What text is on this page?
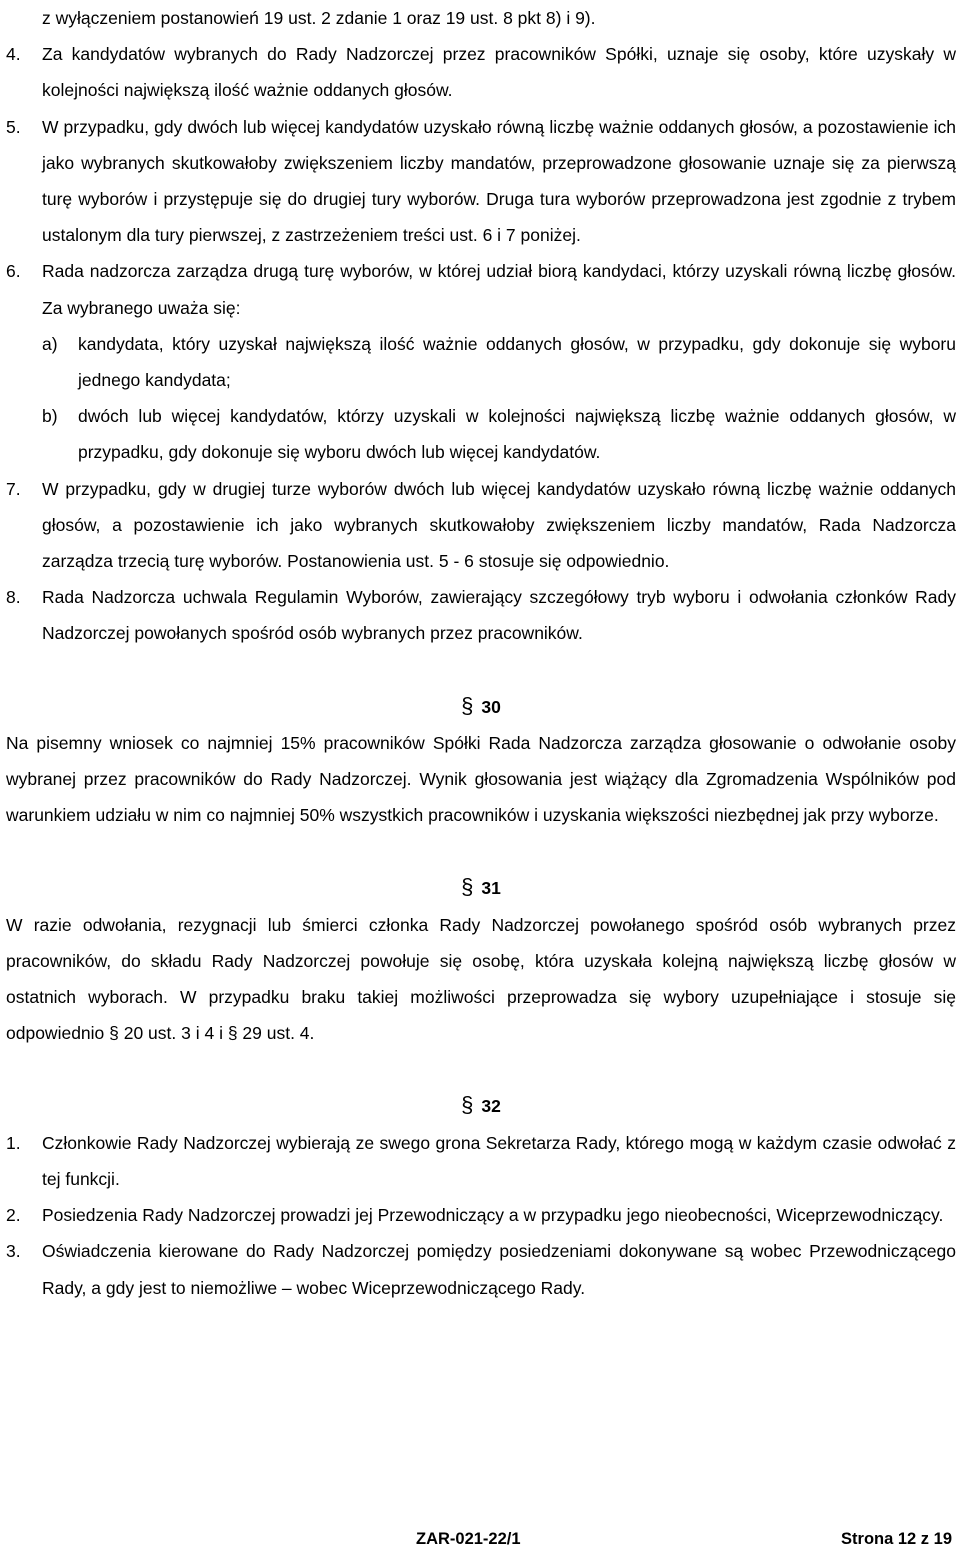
z wyłączeniem postanowień 19 ust. 2 zdanie 1 oraz 19 ust. 8 pkt 8) i 9).

4. Za kandydatów wybranych do Rady Nadzorczej przez pracowników Spółki, uznaje się osoby, które uzyskały w kolejności największą ilość ważnie oddanych głosów.
5. W przypadku, gdy dwóch lub więcej kandydatów uzyskało równą liczbę ważnie oddanych głosów, a pozostawienie ich jako wybranych skutkowałoby zwiększeniem liczby mandatów, przeprowadzone głosowanie uznaje się za pierwszą turę wyborów i przystępuje się do drugiej tury wyborów. Druga tura wyborów przeprowadzona jest zgodnie z trybem ustalonym dla tury pierwszej, z zastrzeżeniem treści ust. 6 i 7 poniżej.
6. Rada nadzorcza zarządza drugą turę wyborów, w której udział biorą kandydaci, którzy uzyskali równą liczbę głosów. Za wybranego uważa się:
a) kandydata, który uzyskał największą ilość ważnie oddanych głosów, w przypadku, gdy dokonuje się wyboru jednego kandydata;
b) dwóch lub więcej kandydatów, którzy uzyskali w kolejności największą liczbę ważnie oddanych głosów, w przypadku, gdy dokonuje się wyboru dwóch lub więcej kandydatów.
7. W przypadku, gdy w drugiej turze wyborów dwóch lub więcej kandydatów uzyskało równą liczbę ważnie oddanych głosów, a pozostawienie ich jako wybranych skutkowałoby zwiększeniem liczby mandatów, Rada Nadzorcza zarządza trzecią turę wyborów. Postanowienia ust. 5 - 6 stosuje się odpowiednio.
8. Rada Nadzorcza uchwala Regulamin Wyborów, zawierający szczegółowy tryb wyboru i odwołania członków Rady Nadzorczej powołanych spośród osób wybranych przez pracowników.

§ 30

Na pisemny wniosek co najmniej 15% pracowników Spółki Rada Nadzorcza zarządza głosowanie o odwołanie osoby wybranej przez pracowników do Rady Nadzorczej. Wynik głosowania jest wiążący dla Zgromadzenia Wspólników pod warunkiem udziału w nim co najmniej 50% wszystkich pracowników i uzyskania większości niezbędnej jak przy wyborze.

§ 31

W razie odwołania, rezygnacji lub śmierci członka Rady Nadzorczej powołanego spośród osób wybranych przez pracowników, do składu Rady Nadzorczej powołuje się osobę, która uzyskała kolejną największą liczbę głosów w ostatnich wyborach. W przypadku braku takiej możliwości przeprowadza się wybory uzupełniające i stosuje się odpowiednio § 20 ust. 3 i 4 i § 29 ust. 4.

§ 32

1. Członkowie Rady Nadzorczej wybierają ze swego grona Sekretarza Rady, którego mogą w każdym czasie odwołać z tej funkcji.
2. Posiedzenia Rady Nadzorczej prowadzi jej Przewodniczący a w przypadku jego nieobecności, Wiceprzewodniczący.
3. Oświadczenia kierowane do Rady Nadzorczej pomiędzy posiedzeniami dokonywane są wobec Przewodniczącego Rady, a gdy jest to niemożliwe – wobec Wiceprzewodniczącego Rady.
ZAR-021-22/1	Strona 12 z 19
